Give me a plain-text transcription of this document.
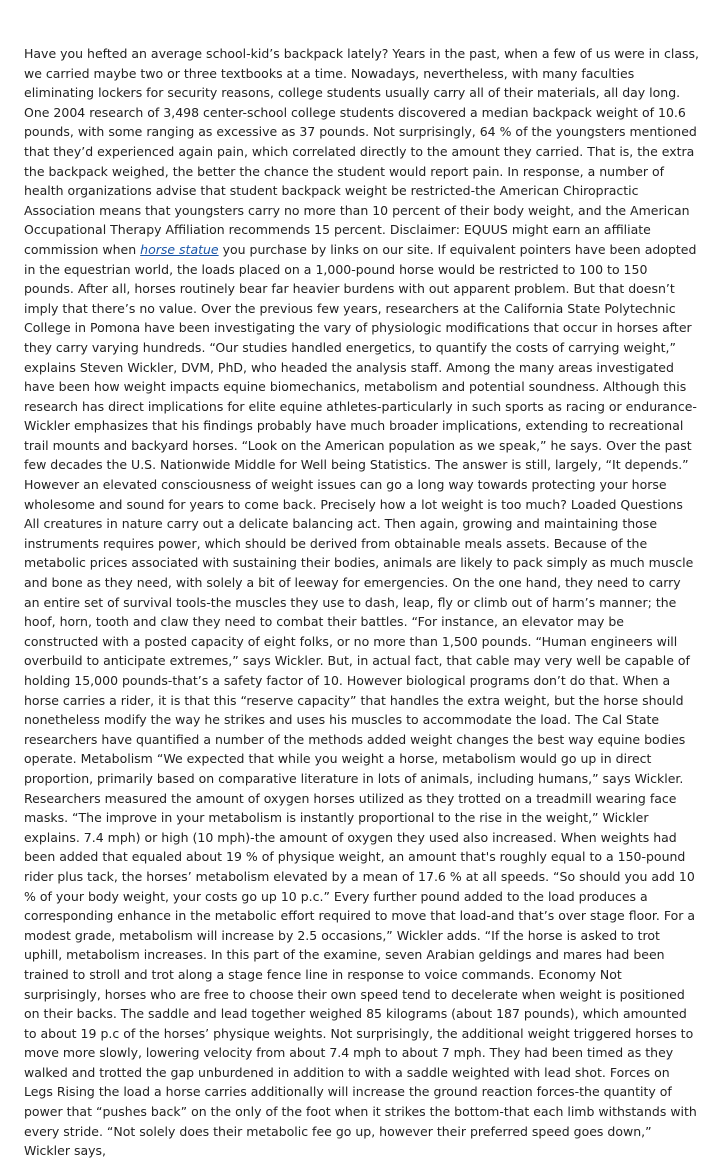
Have you hefted an average school-kid’s backpack lately? Years in the past, when a few of us were in class, we carried maybe two or three textbooks at a time. Nowadays, nevertheless, with many faculties eliminating lockers for security reasons, college students usually carry all of their materials, all day long. One 2004 research of 3,498 center-school college students discovered a median backpack weight of 10.6 pounds, with some ranging as excessive as 37 pounds. Not surprisingly, 64 % of the youngsters mentioned that they’d experienced again pain, which correlated directly to the amount they carried. That is, the extra the backpack weighed, the better the chance the student would report pain. In response, a number of health organizations advise that student backpack weight be restricted-the American Chiropractic Association means that youngsters carry no more than 10 percent of their body weight, and the American Occupational Therapy Affiliation recommends 15 percent. Disclaimer: EQUUS might earn an affiliate commission when horse statue you purchase by links on our site. If equivalent pointers have been adopted in the equestrian world, the loads placed on a 1,000-pound horse would be restricted to 100 to 150 pounds. After all, horses routinely bear far heavier burdens with out apparent problem. But that doesn’t imply that there’s no value. Over the previous few years, researchers at the California State Polytechnic College in Pomona have been investigating the vary of physiologic modifications that occur in horses after they carry varying hundreds. “Our studies handled energetics, to quantify the costs of carrying weight,” explains Steven Wickler, DVM, PhD, who headed the analysis staff. Among the many areas investigated have been how weight impacts equine biomechanics, metabolism and potential soundness. Although this research has direct implications for elite equine athletes-particularly in such sports as racing or endurance-Wickler emphasizes that his findings probably have much broader implications, extending to recreational trail mounts and backyard horses. “Look on the American population as we speak,” he says. Over the past few decades the U.S. Nationwide Middle for Well being Statistics. The answer is still, largely, “It depends.” However an elevated consciousness of weight issues can go a long way towards protecting your horse wholesome and sound for years to come back. Precisely how a lot weight is too much? Loaded Questions All creatures in nature carry out a delicate balancing act. Then again, growing and maintaining those instruments requires power, which should be derived from obtainable meals assets. Because of the metabolic prices associated with sustaining their bodies, animals are likely to pack simply as much muscle and bone as they need, with solely a bit of leeway for emergencies. On the one hand, they need to carry an entire set of survival tools-the muscles they use to dash, leap, fly or climb out of harm’s manner; the hoof, horn, tooth and claw they need to combat their battles. “For instance, an elevator may be constructed with a posted capacity of eight folks, or no more than 1,500 pounds. “Human engineers will overbuild to anticipate extremes,” says Wickler. But, in actual fact, that cable may very well be capable of holding 15,000 pounds-that’s a safety factor of 10. However biological programs don’t do that. When a horse carries a rider, it is that this “reserve capacity” that handles the extra weight, but the horse should nonetheless modify the way he strikes and uses his muscles to accommodate the load. The Cal State researchers have quantified a number of the methods added weight changes the best way equine bodies operate. Metabolism “We expected that while you weight a horse, metabolism would go up in direct proportion, primarily based on comparative literature in lots of animals, including humans,” says Wickler. Researchers measured the amount of oxygen horses utilized as they trotted on a treadmill wearing face masks. “The improve in your metabolism is instantly proportional to the rise in the weight,” Wickler explains. 7.4 mph) or high (10 mph)-the amount of oxygen they used also increased. When weights had been added that equaled about 19 % of physique weight, an amount that's roughly equal to a 150-pound rider plus tack, the horses’ metabolism elevated by a mean of 17.6 % at all speeds. “So should you add 10 % of your body weight, your costs go up 10 p.c.” Every further pound added to the load produces a corresponding enhance in the metabolic effort required to move that load-and that’s over stage floor. For a modest grade, metabolism will increase by 2.5 occasions,” Wickler adds. “If the horse is asked to trot uphill, metabolism increases. In this part of the examine, seven Arabian geldings and mares had been trained to stroll and trot along a stage fence line in response to voice commands. Economy Not surprisingly, horses who are free to choose their own speed tend to decelerate when weight is positioned on their backs. The saddle and lead together weighed 85 kilograms (about 187 pounds), which amounted to about 19 p.c of the horses’ physique weights. Not surprisingly, the additional weight triggered horses to move more slowly, lowering velocity from about 7.4 mph to about 7 mph. They had been timed as they walked and trotted the gap unburdened in addition to with a saddle weighted with lead shot. Forces on Legs Rising the load a horse carries additionally will increase the ground reaction forces-the quantity of power that “pushes back” on the only of the foot when it strikes the bottom-that each limb withstands with every stride. “Not solely does their metabolic fee go up, however their preferred speed goes down,” Wickler says,
